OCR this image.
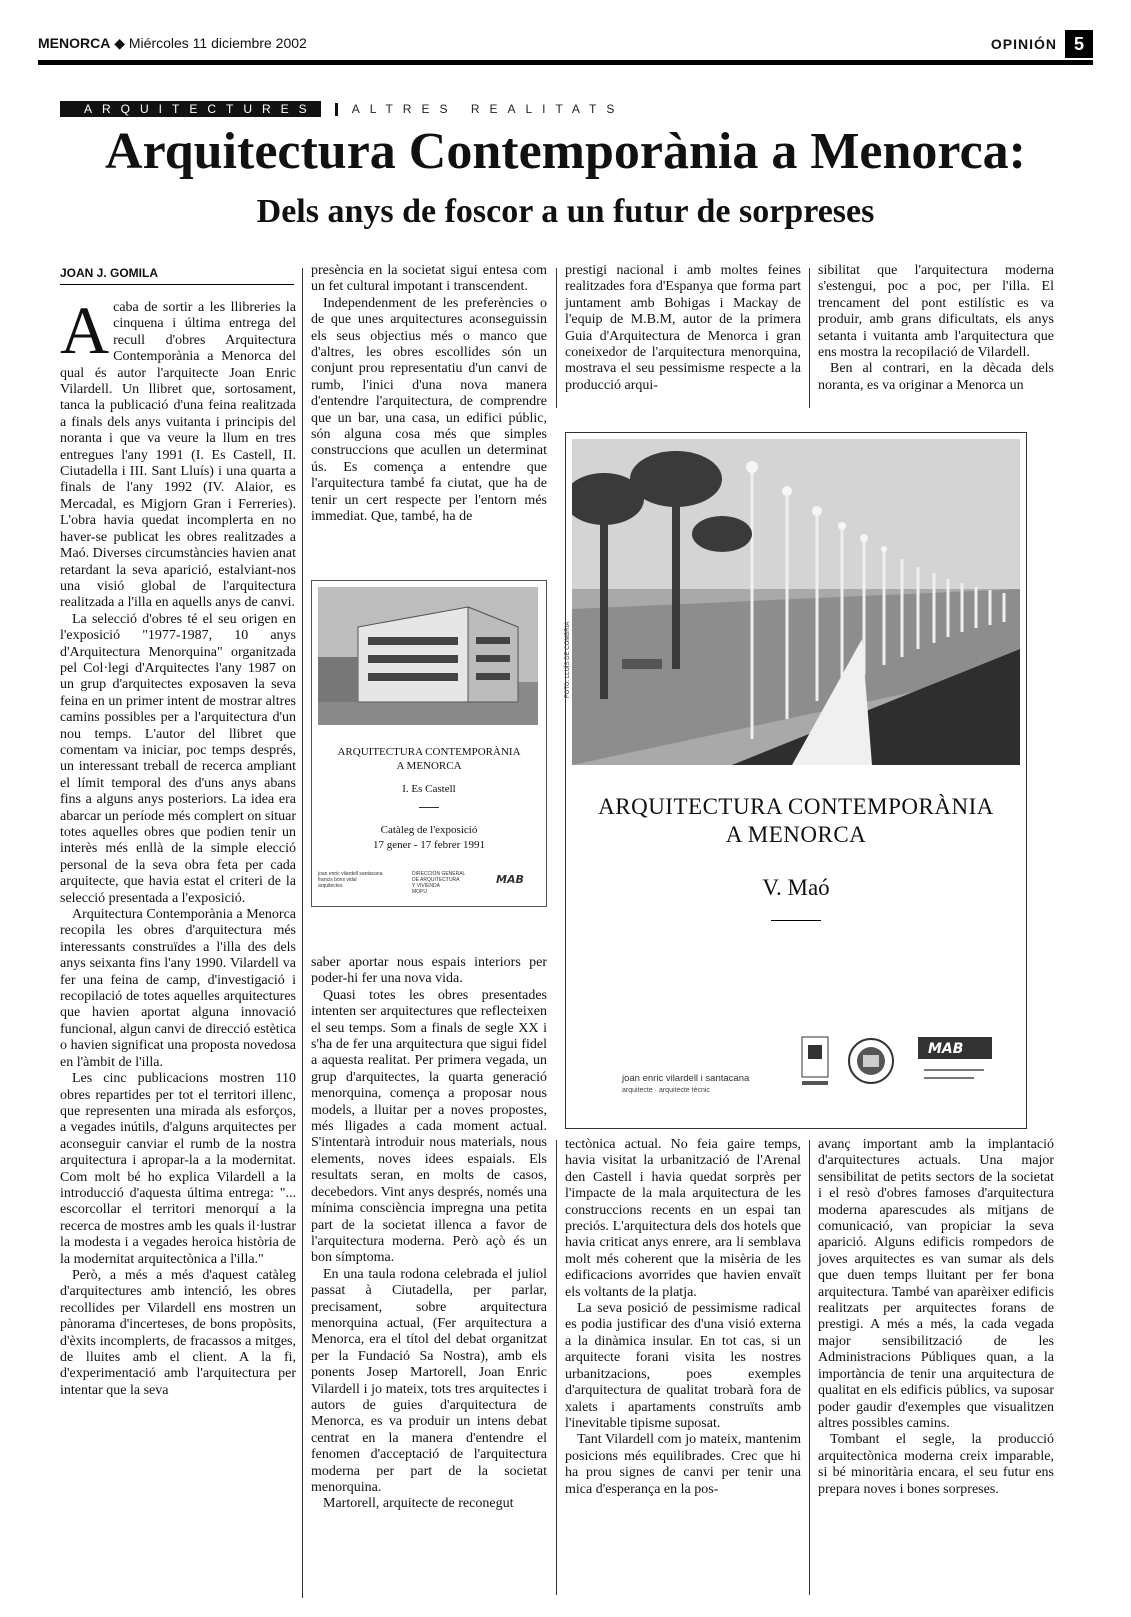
MENORCA ◆ Miércoles 11 diciembre 2002	OPINIÓN 5
ARQUITECTURES	ALTRES REALITATS
Arquitectura Contemporània a Menorca:
Dels anys de foscor a un futur de sorpreses
JOAN J. GOMILA

Acaba de sortir a les llibreries la cinquena i última entrega del recull d'obres Arquitectura Contemporània a Menorca del qual és autor l'arquitecte Joan Enric Vilardell. Un llibret que, sortosament, tanca la publicació d'una feina realitzada a finals dels anys vuitanta i principis del noranta i que va veure la llum en tres entregues l'any 1991 (I. Es Castell, II. Ciutadella i III. Sant Lluís) i una quarta a finals de l'any 1992 (IV. Alaior, es Mercadal, es Migjorn Gran i Ferreries). L'obra havia quedat incomplerta en no haver-se publicat les obres realitzades a Maó. Diverses circumstàncies havien anat retardant la seva aparició, estalviant-nos una visió global de l'arquitectura realitzada a l'illa en aquells anys de canvi.

La selecció d'obres té el seu origen en l'exposició "1977-1987, 10 anys d'Arquitectura Menorquina" organitzada pel Col·legi d'Arquitectes l'any 1987 on un grup d'arquitectes exposaven la seva feina en un primer intent de mostrar altres camins possibles per a l'arquitectura d'un nou temps. L'autor del llibret que comentam va iniciar, poc temps després, un interessant treball de recerca ampliant el límit temporal des d'uns anys abans fins a alguns anys posteriors. La idea era abarcar un període més complert on situar totes aquelles obres que podien tenir un interès més enllà de la simple elecció personal de la seva obra feta per cada arquitecte, que havia estat el criteri de la selecció presentada a l'exposició.

Arquitectura Contemporània a Menorca recopila les obres d'arquitectura més interessants construïdes a l'illa des dels anys seixanta fins l'any 1990. Vilardell va fer una feina de camp, d'investigació i recopilació de totes aquelles arquitectures que havien aportat alguna innovació funcional, algun canvi de direcció estètica o havien significat una proposta novedosa en l'àmbit de l'illa.

Les cinc publicacions mostren 110 obres repartides per tot el territori illenc, que representen una mirada als esforços, a vegades inútils, d'alguns arquitectes per aconseguir canviar el rumb de la nostra arquitectura i apropar-la a la modernitat. Com molt bé ho explica Vilardell a la introducció d'aquesta última entrega: "... escorcollar el territori menorquí a la recerca de mostres amb les quals il·lustrar la modesta i a vegades heroica història de la modernitat arquitectònica a l'illa."

Però, a més a més d'aquest catàleg d'arquitectures amb intenció, les obres recollides per Vilardell ens mostren un pànorama d'incerteses, de bons propòsits, d'èxits incomplerts, de fracassos a mitges, de lluites amb el client. A la fi, d'experimentació amb l'arquitectura per intentar que la seva

presència en la societat sigui entesa com un fet cultural impotant i transcendent.

Independenment de les preferències o de que unes arquitectures aconseguissin els seus objectius més o manco que d'altres, les obres escollides són un conjunt prou representatiu d'un canvi de rumb, l'inici d'una nova manera d'entendre l'arquitectura, de comprendre que un bar, una casa, un edifici públic, són alguna cosa més que simples construccions que acullen un determinat ús. Es comença a entendre que l'arquitectura també fa ciutat, que ha de tenir un cert respecte per l'entorn més immediat. Que, també, ha de

ARQUITECTURA CONTEMPORÀNIA
A MENORCA
I. Es Castell
Catàleg de l'exposició
17 gener - 17 febrer 1991
joan enric vilardell santacana
francis bons vidal
arquitectes
DIRECCION GENERAL
DE ARQUITECTURA
Y VIVIENDA
MOPU
MAB

saber aportar nous espais interiors per poder-hi fer una nova vida.

Quasi totes les obres presentades intenten ser arquitectures que reflecteixen el seu temps. Som a finals de segle XX i s'ha de fer una arquitectura que sigui fidel a aquesta realitat. Per primera vegada, un grup d'arquitectes, la quarta generació menorquina, comença a proposar nous models, a lluitar per a noves propostes, més lligades a cada moment actual. S'intentarà introduir nous materials, nous elements, noves idees espaials. Els resultats seran, en molts de casos, decebedors. Vint anys després, només una mínima consciència impregna una petita part de la societat illenca a favor de l'arquitectura moderna. Però açò és un bon símptoma.

En una taula rodona celebrada el juliol passat à Ciutadella, per parlar, precisament, sobre arquitectura menorquina actual, (Fer arquitectura a Menorca, era el títol del debat organitzat per la Fundació Sa Nostra), amb els ponents Josep Martorell, Joan Enric Vilardell i jo mateix, tots tres arquitectes i autors de guies d'arquitectura de Menorca, es va produir un intens debat centrat en la manera d'entendre el fenomen d'acceptació de l'arquitectura moderna per part de la societat menorquina.

Martorell, arquitecte de reconegut

prestigi nacional i amb moltes feines realitzades fora d'Espanya que forma part juntament amb Bohigas i Mackay de l'equip de M.B.M, autor de la primera Guia d'Arquitectura de Menorca i gran coneixedor de l'arquitectura menorquina, mostrava el seu pessimisme respecte a la producció arqui-

sibilitat que l'arquitectura moderna s'estengui, poc a poc, per l'illa. El trencament del pont estilístic es va produir, amb grans dificultats, els anys setanta i vuitanta amb l'arquitectura que ens mostra la recopilació de Vilardell.

Ben al contrari, en la dècada dels noranta, es va originar a Menorca un

FOTO: LLUÍS DE COMBRIA
ARQUITECTURA CONTEMPORÀNIA
A MENORCA
V. Maó
joan enric vilardell i santacana
arquitecte · arquitecte tècnic
MAB

tectònica actual. No feia gaire temps, havia visitat la urbanització de l'Arenal den Castell i havia quedat sorprès per l'impacte de la mala arquitectura de les construccions recents en un espai tan preciós. L'arquitectura dels dos hotels que havia criticat anys enrere, ara li semblava molt més coherent que la misèria de les edificacions avorrides que havien envaït els voltants de la platja.

La seva posició de pessimisme radical es podia justificar des d'una visió externa a la dinàmica insular. En tot cas, si un arquitecte forani visita les nostres urbanitzacions, poes exemples d'arquitectura de qualitat trobarà fora de xalets i apartaments construïts amb l'inevitable tipisme suposat.

Tant Vilardell com jo mateix, mantenim posicions més equilibrades. Crec que hi ha prou signes de canvi per tenir una mica d'esperança en la pos-

avanç important amb la implantació d'arquitectures actuals. Una major sensibilitat de petits sectors de la societat i el resò d'obres famoses d'arquitectura moderna aparescudes als mitjans de comunicació, van propiciar la seva aparició. Alguns edificis rompedors de joves arquitectes es van sumar als dels que duen temps lluitant per fer bona arquitectura. També van aparèixer edificis realitzats per arquitectes forans de prestigi. A més a més, la cada vegada major sensibilització de les Administracions Públiques quan, a la importància de tenir una arquitectura de qualitat en els edificis públics, va suposar poder gaudir d'exemples que visualitzen altres possibles camins.

Tombant el segle, la producció arquitectònica moderna creix imparable, si bé minoritària encara, el seu futur ens prepara noves i bones sorpreses.
